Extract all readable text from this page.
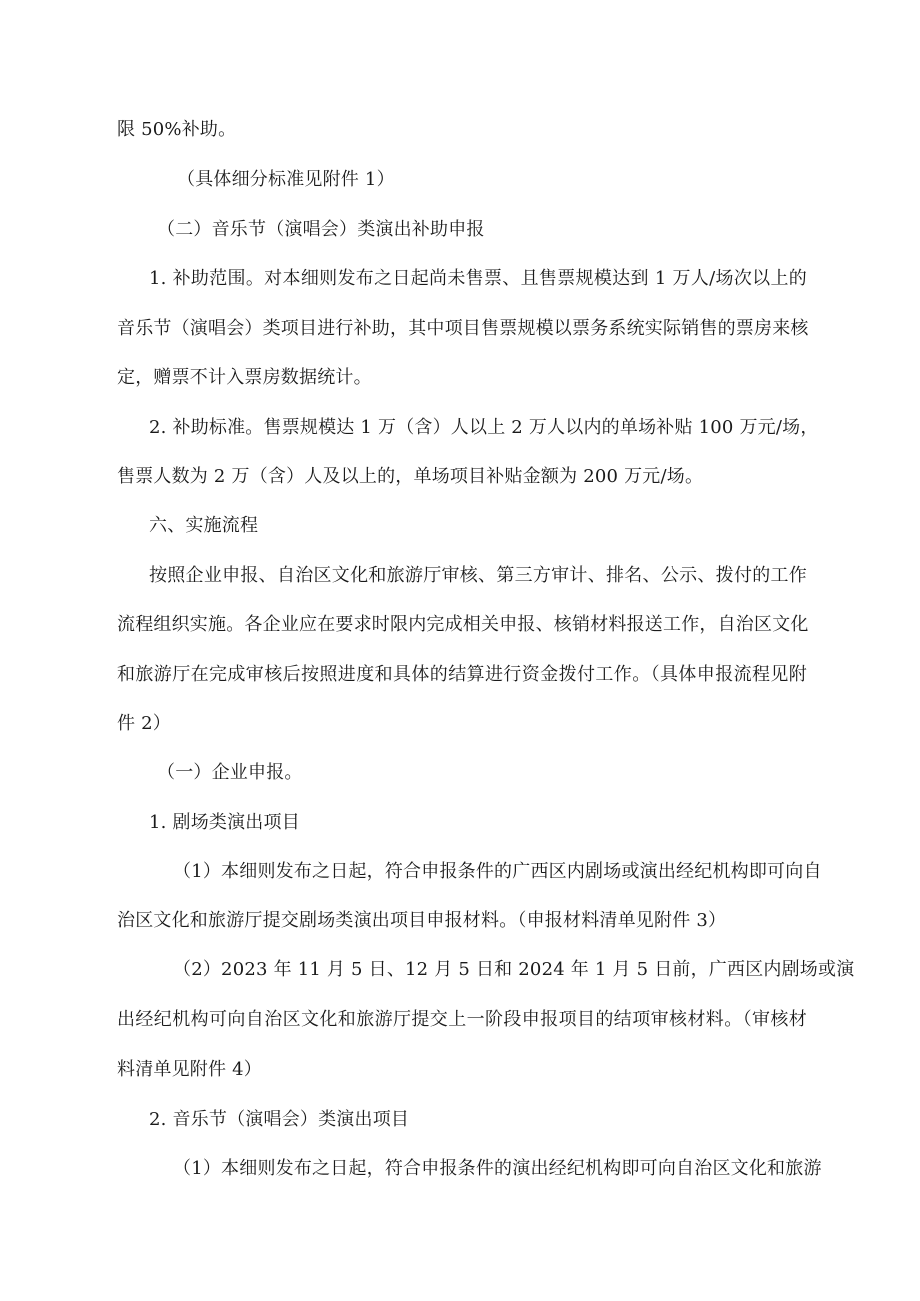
限 50%补助。
（具体细分标准见附件 1）
（二）音乐节（演唱会）类演出补助申报
1. 补助范围。对本细则发布之日起尚未售票、且售票规模达到 1 万人/场次以上的
音乐节（演唱会）类项目进行补助，其中项目售票规模以票务系统实际销售的票房来核
定，赠票不计入票房数据统计。
2. 补助标准。售票规模达 1 万（含）人以上 2 万人以内的单场补贴 100 万元/场，
售票人数为 2 万（含）人及以上的，单场项目补贴金额为 200 万元/场。
六、实施流程
按照企业申报、自治区文化和旅游厅审核、第三方审计、排名、公示、拨付的工作
流程组织实施。各企业应在要求时限内完成相关申报、核销材料报送工作，自治区文化
和旅游厅在完成审核后按照进度和具体的结算进行资金拨付工作。（具体申报流程见附
件 2）
（一）企业申报。
1. 剧场类演出项目
（1）本细则发布之日起，符合申报条件的广西区内剧场或演出经纪机构即可向自
治区文化和旅游厅提交剧场类演出项目申报材料。（申报材料清单见附件 3）
（2）2023 年 11 月 5 日、12 月 5 日和 2024 年 1 月 5 日前，广西区内剧场或演
出经纪机构可向自治区文化和旅游厅提交上一阶段申报项目的结项审核材料。（审核材
料清单见附件 4）
2. 音乐节（演唱会）类演出项目
（1）本细则发布之日起，符合申报条件的演出经纪机构即可向自治区文化和旅游
